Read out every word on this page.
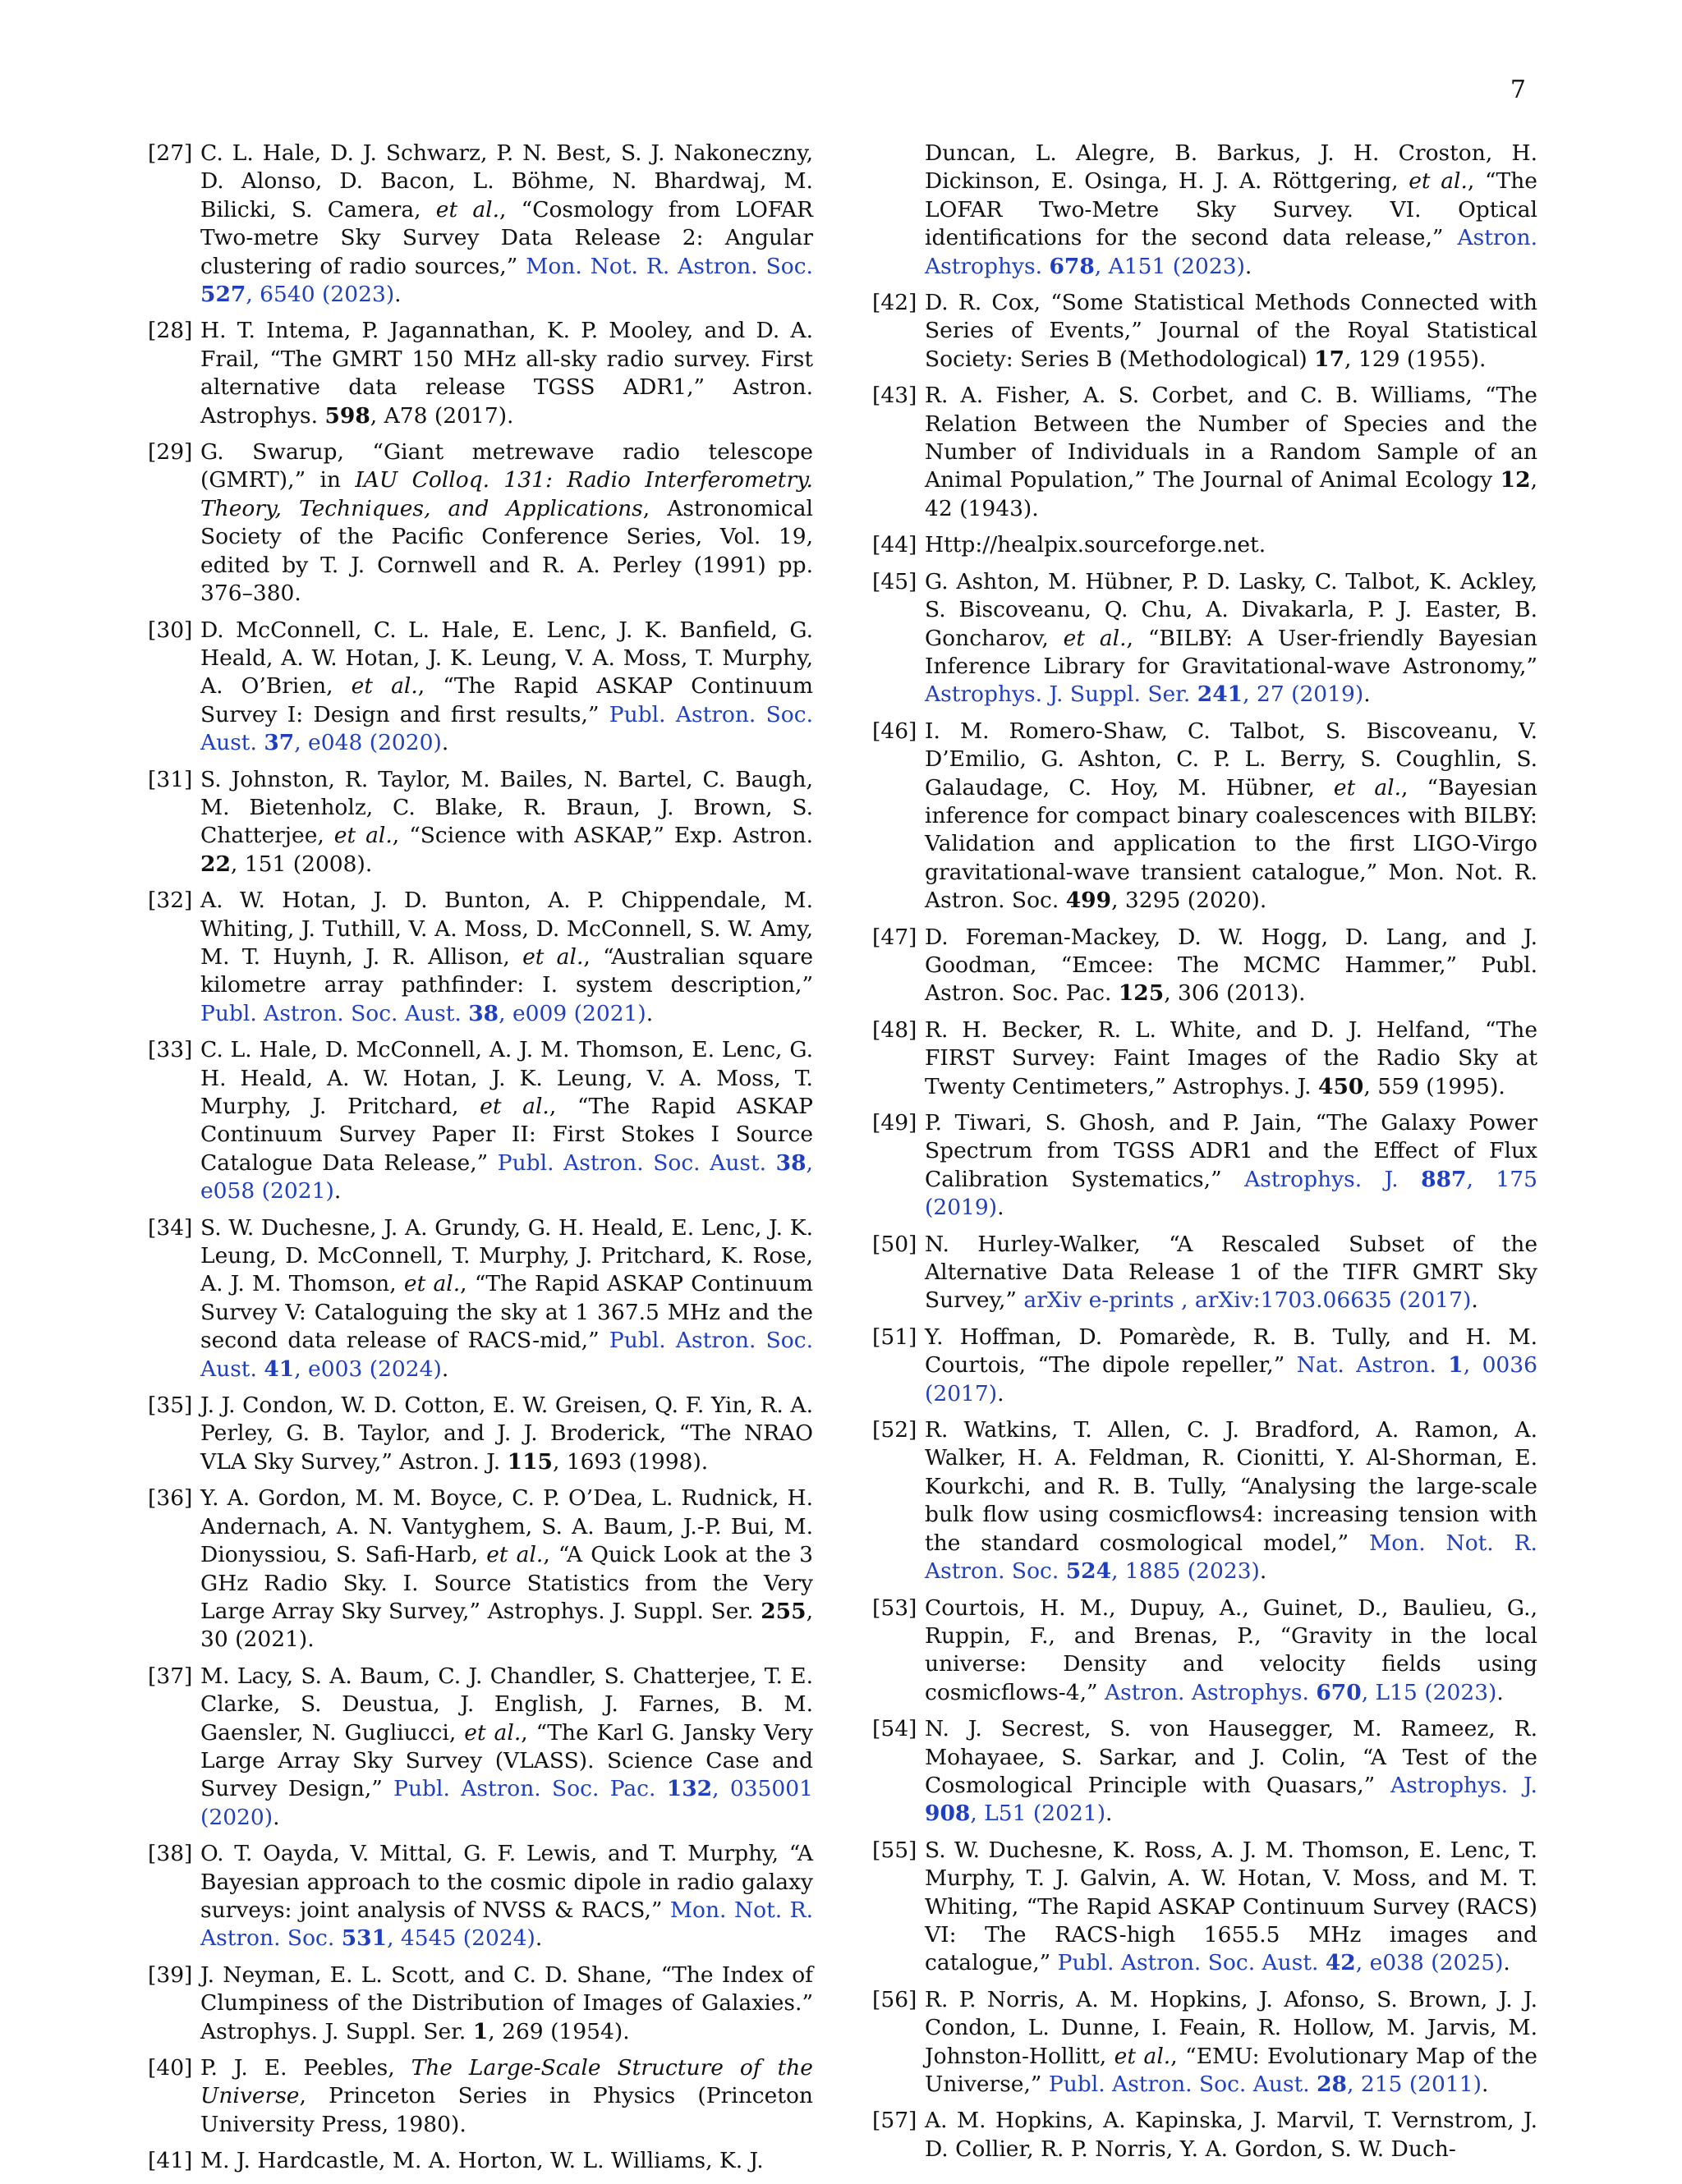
7
[27] C. L. Hale, D. J. Schwarz, P. N. Best, S. J. Nakoneczny, D. Alonso, D. Bacon, L. Böhme, N. Bhardwaj, M. Bilicki, S. Camera, et al., “Cosmology from LOFAR Two-metre Sky Survey Data Release 2: Angular clustering of radio sources,” Mon. Not. R. Astron. Soc. 527, 6540 (2023).
[28] H. T. Intema, P. Jagannathan, K. P. Mooley, and D. A. Frail, “The GMRT 150 MHz all-sky radio survey. First alternative data release TGSS ADR1,” Astron. Astrophys. 598, A78 (2017).
[29] G. Swarup, “Giant metrewave radio telescope (GMRT),” in IAU Colloq. 131: Radio Interferometry. Theory, Techniques, and Applications, Astronomical Society of the Pacific Conference Series, Vol. 19, edited by T. J. Cornwell and R. A. Perley (1991) pp. 376–380.
[30] D. McConnell, C. L. Hale, E. Lenc, J. K. Banfield, G. Heald, A. W. Hotan, J. K. Leung, V. A. Moss, T. Murphy, A. O’Brien, et al., “The Rapid ASKAP Continuum Survey I: Design and first results,” Publ. Astron. Soc. Aust. 37, e048 (2020).
[31] S. Johnston, R. Taylor, M. Bailes, N. Bartel, C. Baugh, M. Bietenholz, C. Blake, R. Braun, J. Brown, S. Chatterjee, et al., “Science with ASKAP,” Exp. Astron. 22, 151 (2008).
[32] A. W. Hotan, J. D. Bunton, A. P. Chippendale, M. Whiting, J. Tuthill, V. A. Moss, D. McConnell, S. W. Amy, M. T. Huynh, J. R. Allison, et al., “Australian square kilometre array pathfinder: I. system description,” Publ. Astron. Soc. Aust. 38, e009 (2021).
[33] C. L. Hale, D. McConnell, A. J. M. Thomson, E. Lenc, G. H. Heald, A. W. Hotan, J. K. Leung, V. A. Moss, T. Murphy, J. Pritchard, et al., “The Rapid ASKAP Continuum Survey Paper II: First Stokes I Source Catalogue Data Release,” Publ. Astron. Soc. Aust. 38, e058 (2021).
[34] S. W. Duchesne, J. A. Grundy, G. H. Heald, E. Lenc, J. K. Leung, D. McConnell, T. Murphy, J. Pritchard, K. Rose, A. J. M. Thomson, et al., “The Rapid ASKAP Continuum Survey V: Cataloguing the sky at 1 367.5 MHz and the second data release of RACS-mid,” Publ. Astron. Soc. Aust. 41, e003 (2024).
[35] J. J. Condon, W. D. Cotton, E. W. Greisen, Q. F. Yin, R. A. Perley, G. B. Taylor, and J. J. Broderick, “The NRAO VLA Sky Survey,” Astron. J. 115, 1693 (1998).
[36] Y. A. Gordon, M. M. Boyce, C. P. O’Dea, L. Rudnick, H. Andernach, A. N. Vantyghem, S. A. Baum, J.-P. Bui, M. Dionyssiou, S. Safi-Harb, et al., “A Quick Look at the 3 GHz Radio Sky. I. Source Statistics from the Very Large Array Sky Survey,” Astrophys. J. Suppl. Ser. 255, 30 (2021).
[37] M. Lacy, S. A. Baum, C. J. Chandler, S. Chatterjee, T. E. Clarke, S. Deustua, J. English, J. Farnes, B. M. Gaensler, N. Gugliucci, et al., “The Karl G. Jansky Very Large Array Sky Survey (VLASS). Science Case and Survey Design,” Publ. Astron. Soc. Pac. 132, 035001 (2020).
[38] O. T. Oayda, V. Mittal, G. F. Lewis, and T. Murphy, “A Bayesian approach to the cosmic dipole in radio galaxy surveys: joint analysis of NVSS & RACS,” Mon. Not. R. Astron. Soc. 531, 4545 (2024).
[39] J. Neyman, E. L. Scott, and C. D. Shane, “The Index of Clumpiness of the Distribution of Images of Galaxies.” Astrophys. J. Suppl. Ser. 1, 269 (1954).
[40] P. J. E. Peebles, The Large-Scale Structure of the Universe, Princeton Series in Physics (Princeton University Press, 1980).
[41] M. J. Hardcastle, M. A. Horton, W. L. Williams, K. J.
Duncan, L. Alegre, B. Barkus, J. H. Croston, H. Dickinson, E. Osinga, H. J. A. Röttgering, et al., “The LOFAR Two-Metre Sky Survey. VI. Optical identifications for the second data release,” Astron. Astrophys. 678, A151 (2023).
[42] D. R. Cox, “Some Statistical Methods Connected with Series of Events,” Journal of the Royal Statistical Society: Series B (Methodological) 17, 129 (1955).
[43] R. A. Fisher, A. S. Corbet, and C. B. Williams, “The Relation Between the Number of Species and the Number of Individuals in a Random Sample of an Animal Population,” The Journal of Animal Ecology 12, 42 (1943).
[44] Http://healpix.sourceforge.net.
[45] G. Ashton, M. Hübner, P. D. Lasky, C. Talbot, K. Ackley, S. Biscoveanu, Q. Chu, A. Divakarla, P. J. Easter, B. Goncharov, et al., “BILBY: A User-friendly Bayesian Inference Library for Gravitational-wave Astronomy,” Astrophys. J. Suppl. Ser. 241, 27 (2019).
[46] I. M. Romero-Shaw, C. Talbot, S. Biscoveanu, V. D’Emilio, G. Ashton, C. P. L. Berry, S. Coughlin, S. Galaudage, C. Hoy, M. Hübner, et al., “Bayesian inference for compact binary coalescences with BILBY: Validation and application to the first LIGO-Virgo gravitational-wave transient catalogue,” Mon. Not. R. Astron. Soc. 499, 3295 (2020).
[47] D. Foreman-Mackey, D. W. Hogg, D. Lang, and J. Goodman, “Emcee: The MCMC Hammer,” Publ. Astron. Soc. Pac. 125, 306 (2013).
[48] R. H. Becker, R. L. White, and D. J. Helfand, “The FIRST Survey: Faint Images of the Radio Sky at Twenty Centimeters,” Astrophys. J. 450, 559 (1995).
[49] P. Tiwari, S. Ghosh, and P. Jain, “The Galaxy Power Spectrum from TGSS ADR1 and the Effect of Flux Calibration Systematics,” Astrophys. J. 887, 175 (2019).
[50] N. Hurley-Walker, “A Rescaled Subset of the Alternative Data Release 1 of the TIFR GMRT Sky Survey,” arXiv e-prints , arXiv:1703.06635 (2017).
[51] Y. Hoffman, D. Pomarède, R. B. Tully, and H. M. Courtois, “The dipole repeller,” Nat. Astron. 1, 0036 (2017).
[52] R. Watkins, T. Allen, C. J. Bradford, A. Ramon, A. Walker, H. A. Feldman, R. Cionitti, Y. Al-Shorman, E. Kourkchi, and R. B. Tully, “Analysing the large-scale bulk flow using cosmicflows4: increasing tension with the standard cosmological model,” Mon. Not. R. Astron. Soc. 524, 1885 (2023).
[53] Courtois, H. M., Dupuy, A., Guinet, D., Baulieu, G., Ruppin, F., and Brenas, P., “Gravity in the local universe: Density and velocity fields using cosmicflows-4,” Astron. Astrophys. 670, L15 (2023).
[54] N. J. Secrest, S. von Hausegger, M. Rameez, R. Mohayaee, S. Sarkar, and J. Colin, “A Test of the Cosmological Principle with Quasars,” Astrophys. J. 908, L51 (2021).
[55] S. W. Duchesne, K. Ross, A. J. M. Thomson, E. Lenc, T. Murphy, T. J. Galvin, A. W. Hotan, V. Moss, and M. T. Whiting, “The Rapid ASKAP Continuum Survey (RACS) VI: The RACS-high 1655.5 MHz images and catalogue,” Publ. Astron. Soc. Aust. 42, e038 (2025).
[56] R. P. Norris, A. M. Hopkins, J. Afonso, S. Brown, J. J. Condon, L. Dunne, I. Feain, R. Hollow, M. Jarvis, M. Johnston-Hollitt, et al., “EMU: Evolutionary Map of the Universe,” Publ. Astron. Soc. Aust. 28, 215 (2011).
[57] A. M. Hopkins, A. Kapinska, J. Marvil, T. Vernstrom, J. D. Collier, R. P. Norris, Y. A. Gordon, S. W. Duch-
